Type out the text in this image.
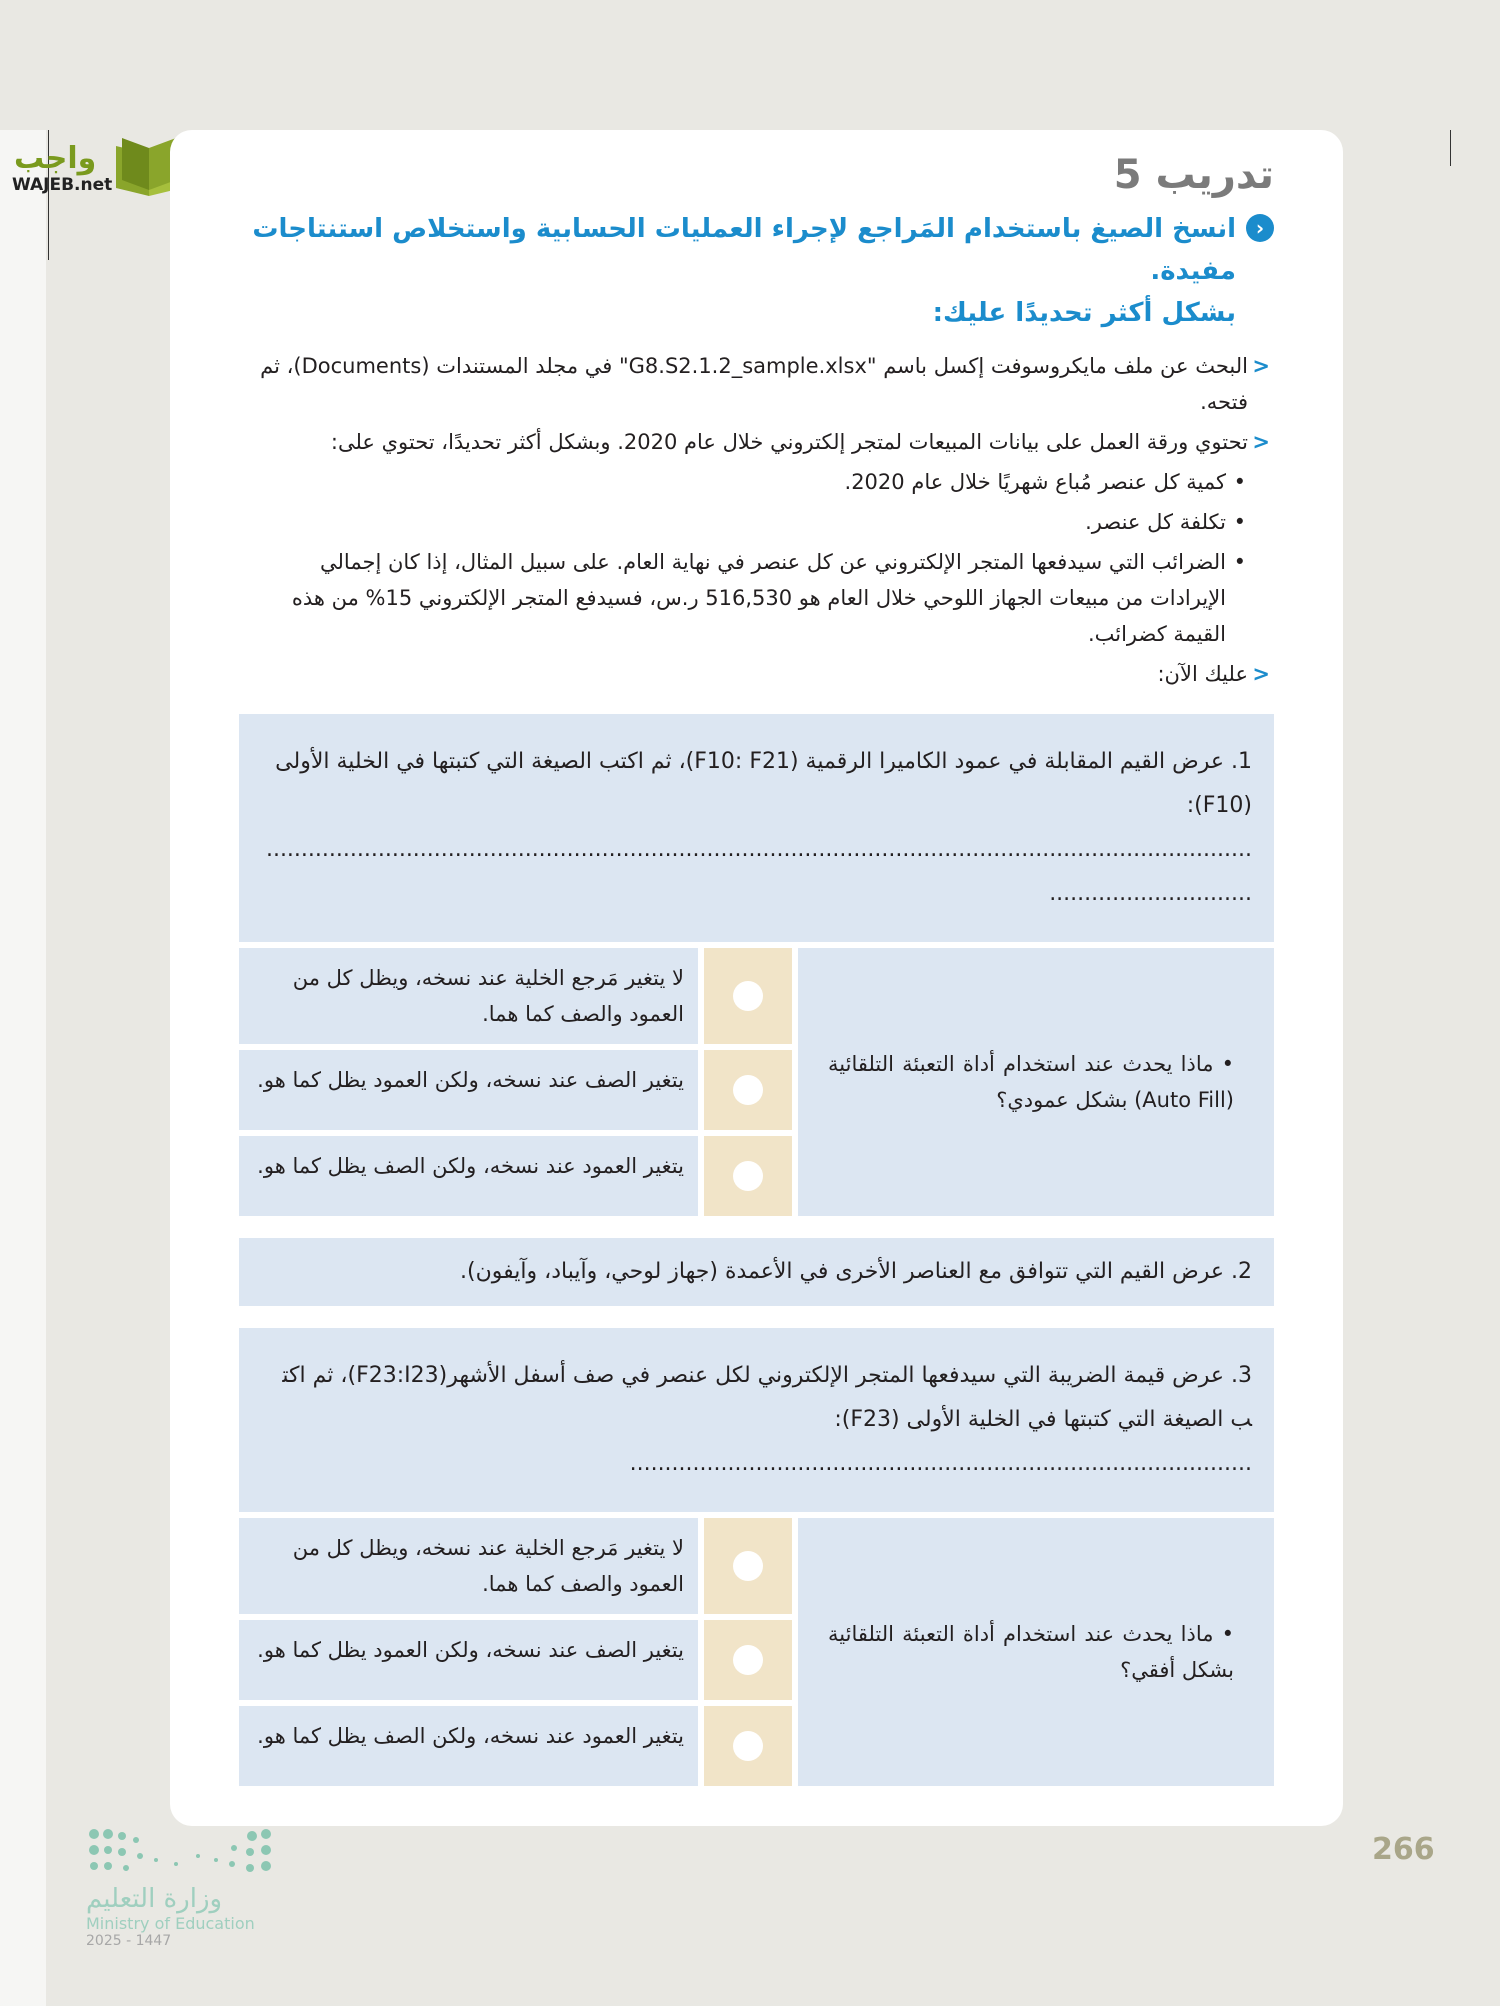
واجب
WAJEB.net	تدريب 5
‹
انسخ الصيغ باستخدام المَراجع لإجراء العمليات الحسابية واستخلاص استنتاجات مفيدة.
بشكل أكثر تحديدًا عليك:
<
البحث عن ملف مايكروسوفت إكسل باسم "G8.S2.1.2_sample.xlsx" في مجلد المستندات (Documents)، ثم فتحه.
<
تحتوي ورقة العمل على بيانات المبيعات لمتجر إلكتروني خلال عام 2020. وبشكل أكثر تحديدًا، تحتوي على:
•
كمية كل عنصر مُباع شهريًا خلال عام 2020.
•
تكلفة كل عنصر.
•
الضرائب التي سيدفعها المتجر الإلكتروني عن كل عنصر في نهاية العام. على سبيل المثال، إذا كان إجمالي الإيرادات من مبيعات الجهاز اللوحي خلال العام هو 516,530 ر.س، فسيدفع المتجر الإلكتروني 15% من هذه القيمة كضرائب.
<
عليك الآن:
1. عرض القيم المقابلة في عمود الكاميرا الرقمية (F10: F21)، ثم اكتب الصيغة التي كتبتها في الخلية الأولى (F10): ..........................................................................................................................................................................
لا يتغير مَرجع الخلية عند نسخه، ويظل كل من العمود والصف كما هما.
يتغير الصف عند نسخه، ولكن العمود يظل كما هو.
يتغير العمود عند نسخه، ولكن الصف يظل كما هو.
• ماذا يحدث عند استخدام أداة التعبئة التلقائية (Auto Fill) بشكل عمودي؟
2. عرض القيم التي تتوافق مع العناصر الأخرى في الأعمدة (جهاز لوحي، وآيباد، وآيفون).
3. عرض قيمة الضريبة التي سيدفعها المتجر الإلكتروني لكل عنصر في صف أسفل الأشهر(F23:I23)، ثم اكتب الصيغة التي كتبتها في الخلية الأولى (F23): .........................................................................................
لا يتغير مَرجع الخلية عند نسخه، ويظل كل من العمود والصف كما هما.
يتغير الصف عند نسخه، ولكن العمود يظل كما هو.
يتغير العمود عند نسخه، ولكن الصف يظل كما هو.
• ماذا يحدث عند استخدام أداة التعبئة التلقائية بشكل أفقي؟
266
وزارة التعليم
Ministry of Education
2025 - 1447
